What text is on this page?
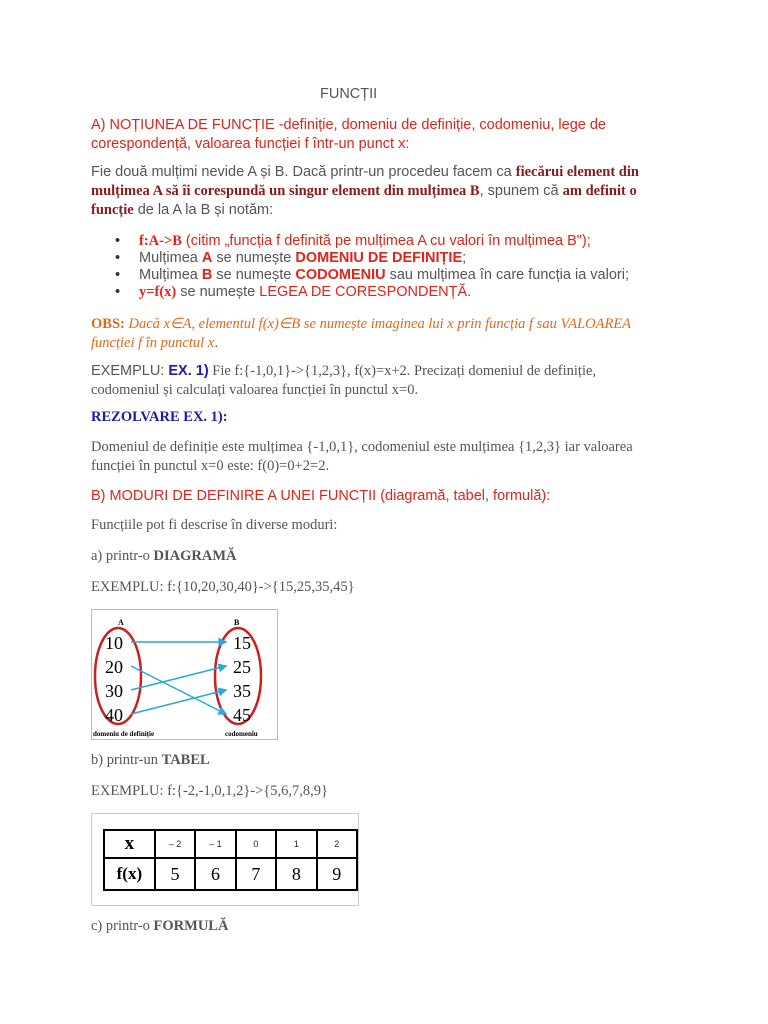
FUNCȚII
A) NOȚIUNEA DE FUNCȚIE -definiție, domeniu de definiție, codomeniu, lege de
corespondență, valoarea funcției f într-un punct x:
Fie două mulțimi nevide A și B. Dacă printr-un procedeu facem ca fiecărui element din
mulțimea A să îi corespundă un singur element din mulțimea B, spunem că am definit o
funcție de la A la B și notăm:
• f:A->B (citim „funcția f definită pe mulțimea A cu valori în mulțimea B");
• Mulțimea A se numește DOMENIU DE DEFINIȚIE;
• Mulțimea B se numește CODOMENIU sau mulțimea în care funcția ia valori;
• y=f(x) se numește LEGEA DE CORESPONDENȚĂ.
OBS: Dacă x∈A, elementul f(x)∈B se numește imaginea lui x prin funcția f sau VALOAREA
funcției f în punctul x.
EXEMPLU: EX. 1) Fie f:{-1,0,1}->{1,2,3}, f(x)=x+2. Precizați domeniul de definiție,
codomeniul și calculați valoarea funcției în punctul x=0.
REZOLVARE EX. 1):
Domeniul de definiție este mulțimea {-1,0,1}, codomeniul este mulțimea {1,2,3} iar valoarea
funcției în punctul x=0 este: f(0)=0+2=2.
B) MODURI DE DEFINIRE A UNEI FUNCȚII (diagramă, tabel, formulă):
Funcțiile pot fi descrise în diverse moduri:
a) printr-o DIAGRAMĂ
EXEMPLU: f:{10,20,30,40}->{15,25,35,45}
A	B
10
20
30
40
15
25
35
45
domeniu de definiție	codomeniu
b) printr-un TABEL
EXEMPLU: f:{-2,-1,0,1,2}->{5,6,7,8,9}
x	– 2	– 1	0	1	2
f(x)	5	6	7	8	9
c) printr-o FORMULĂ
